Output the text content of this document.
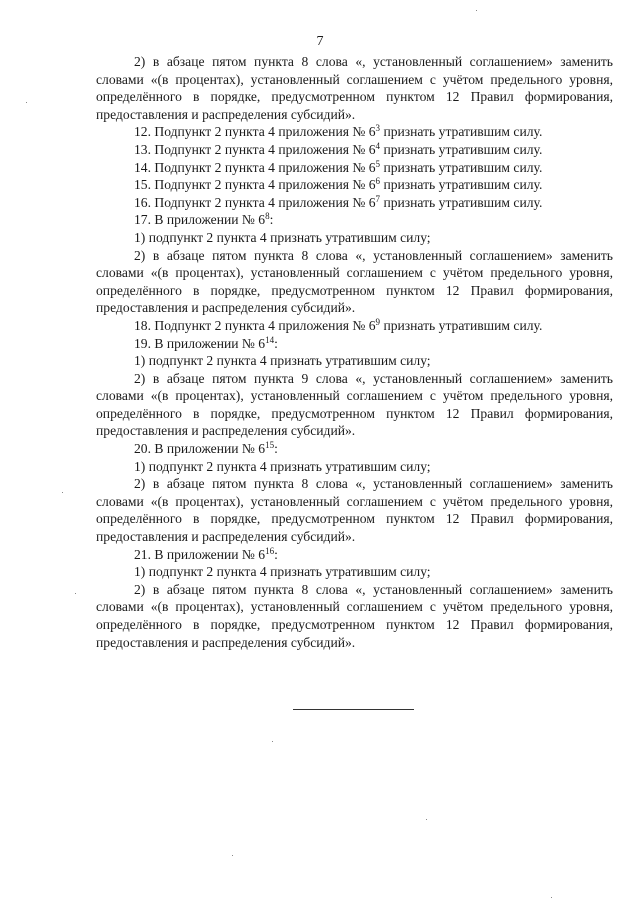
7

2) в абзаце пятом пункта 8 слова «, установленный соглашением» заменить словами «(в процентах), установленный соглашением с учётом предельного уровня, определённого в порядке, предусмотренном пунктом 12 Правил формирования, предоставления и распределения субсидий».

12. Подпункт 2 пункта 4 приложения № $6^3$ признать утратившим силу.

13. Подпункт 2 пункта 4 приложения № $6^4$ признать утратившим силу.

14. Подпункт 2 пункта 4 приложения № $6^5$ признать утратившим силу.

15. Подпункт 2 пункта 4 приложения № $6^6$ признать утратившим силу.

16. Подпункт 2 пункта 4 приложения № $6^7$ признать утратившим силу.

17. В приложении № $6^8$:

1) подпункт 2 пункта 4 признать утратившим силу;

2) в абзаце пятом пункта 8 слова «, установленный соглашением» заменить словами «(в процентах), установленный соглашением с учётом предельного уровня, определённого в порядке, предусмотренном пунктом 12 Правил формирования, предоставления и распределения субсидий».

18. Подпункт 2 пункта 4 приложения № $6^9$ признать утратившим силу.

19. В приложении № $6^{14}$:

1) подпункт 2 пункта 4 признать утратившим силу;

2) в абзаце пятом пункта 9 слова «, установленный соглашением» заменить словами «(в процентах), установленный соглашением с учётом предельного уровня, определённого в порядке, предусмотренном пунктом 12 Правил формирования, предоставления и распределения субсидий».

20. В приложении № $6^{15}$:

1) подпункт 2 пункта 4 признать утратившим силу;

2) в абзаце пятом пункта 8 слова «, установленный соглашением» заменить словами «(в процентах), установленный соглашением с учётом предельного уровня, определённого в порядке, предусмотренном пунктом 12 Правил формирования, предоставления и распределения субсидий».

21. В приложении № $6^{16}$:

1) подпункт 2 пункта 4 признать утратившим силу;

2) в абзаце пятом пункта 8 слова «, установленный соглашением» заменить словами «(в процентах), установленный соглашением с учётом предельного уровня, определённого в порядке, предусмотренном пунктом 12 Правил формирования, предоставления и распределения субсидий».
